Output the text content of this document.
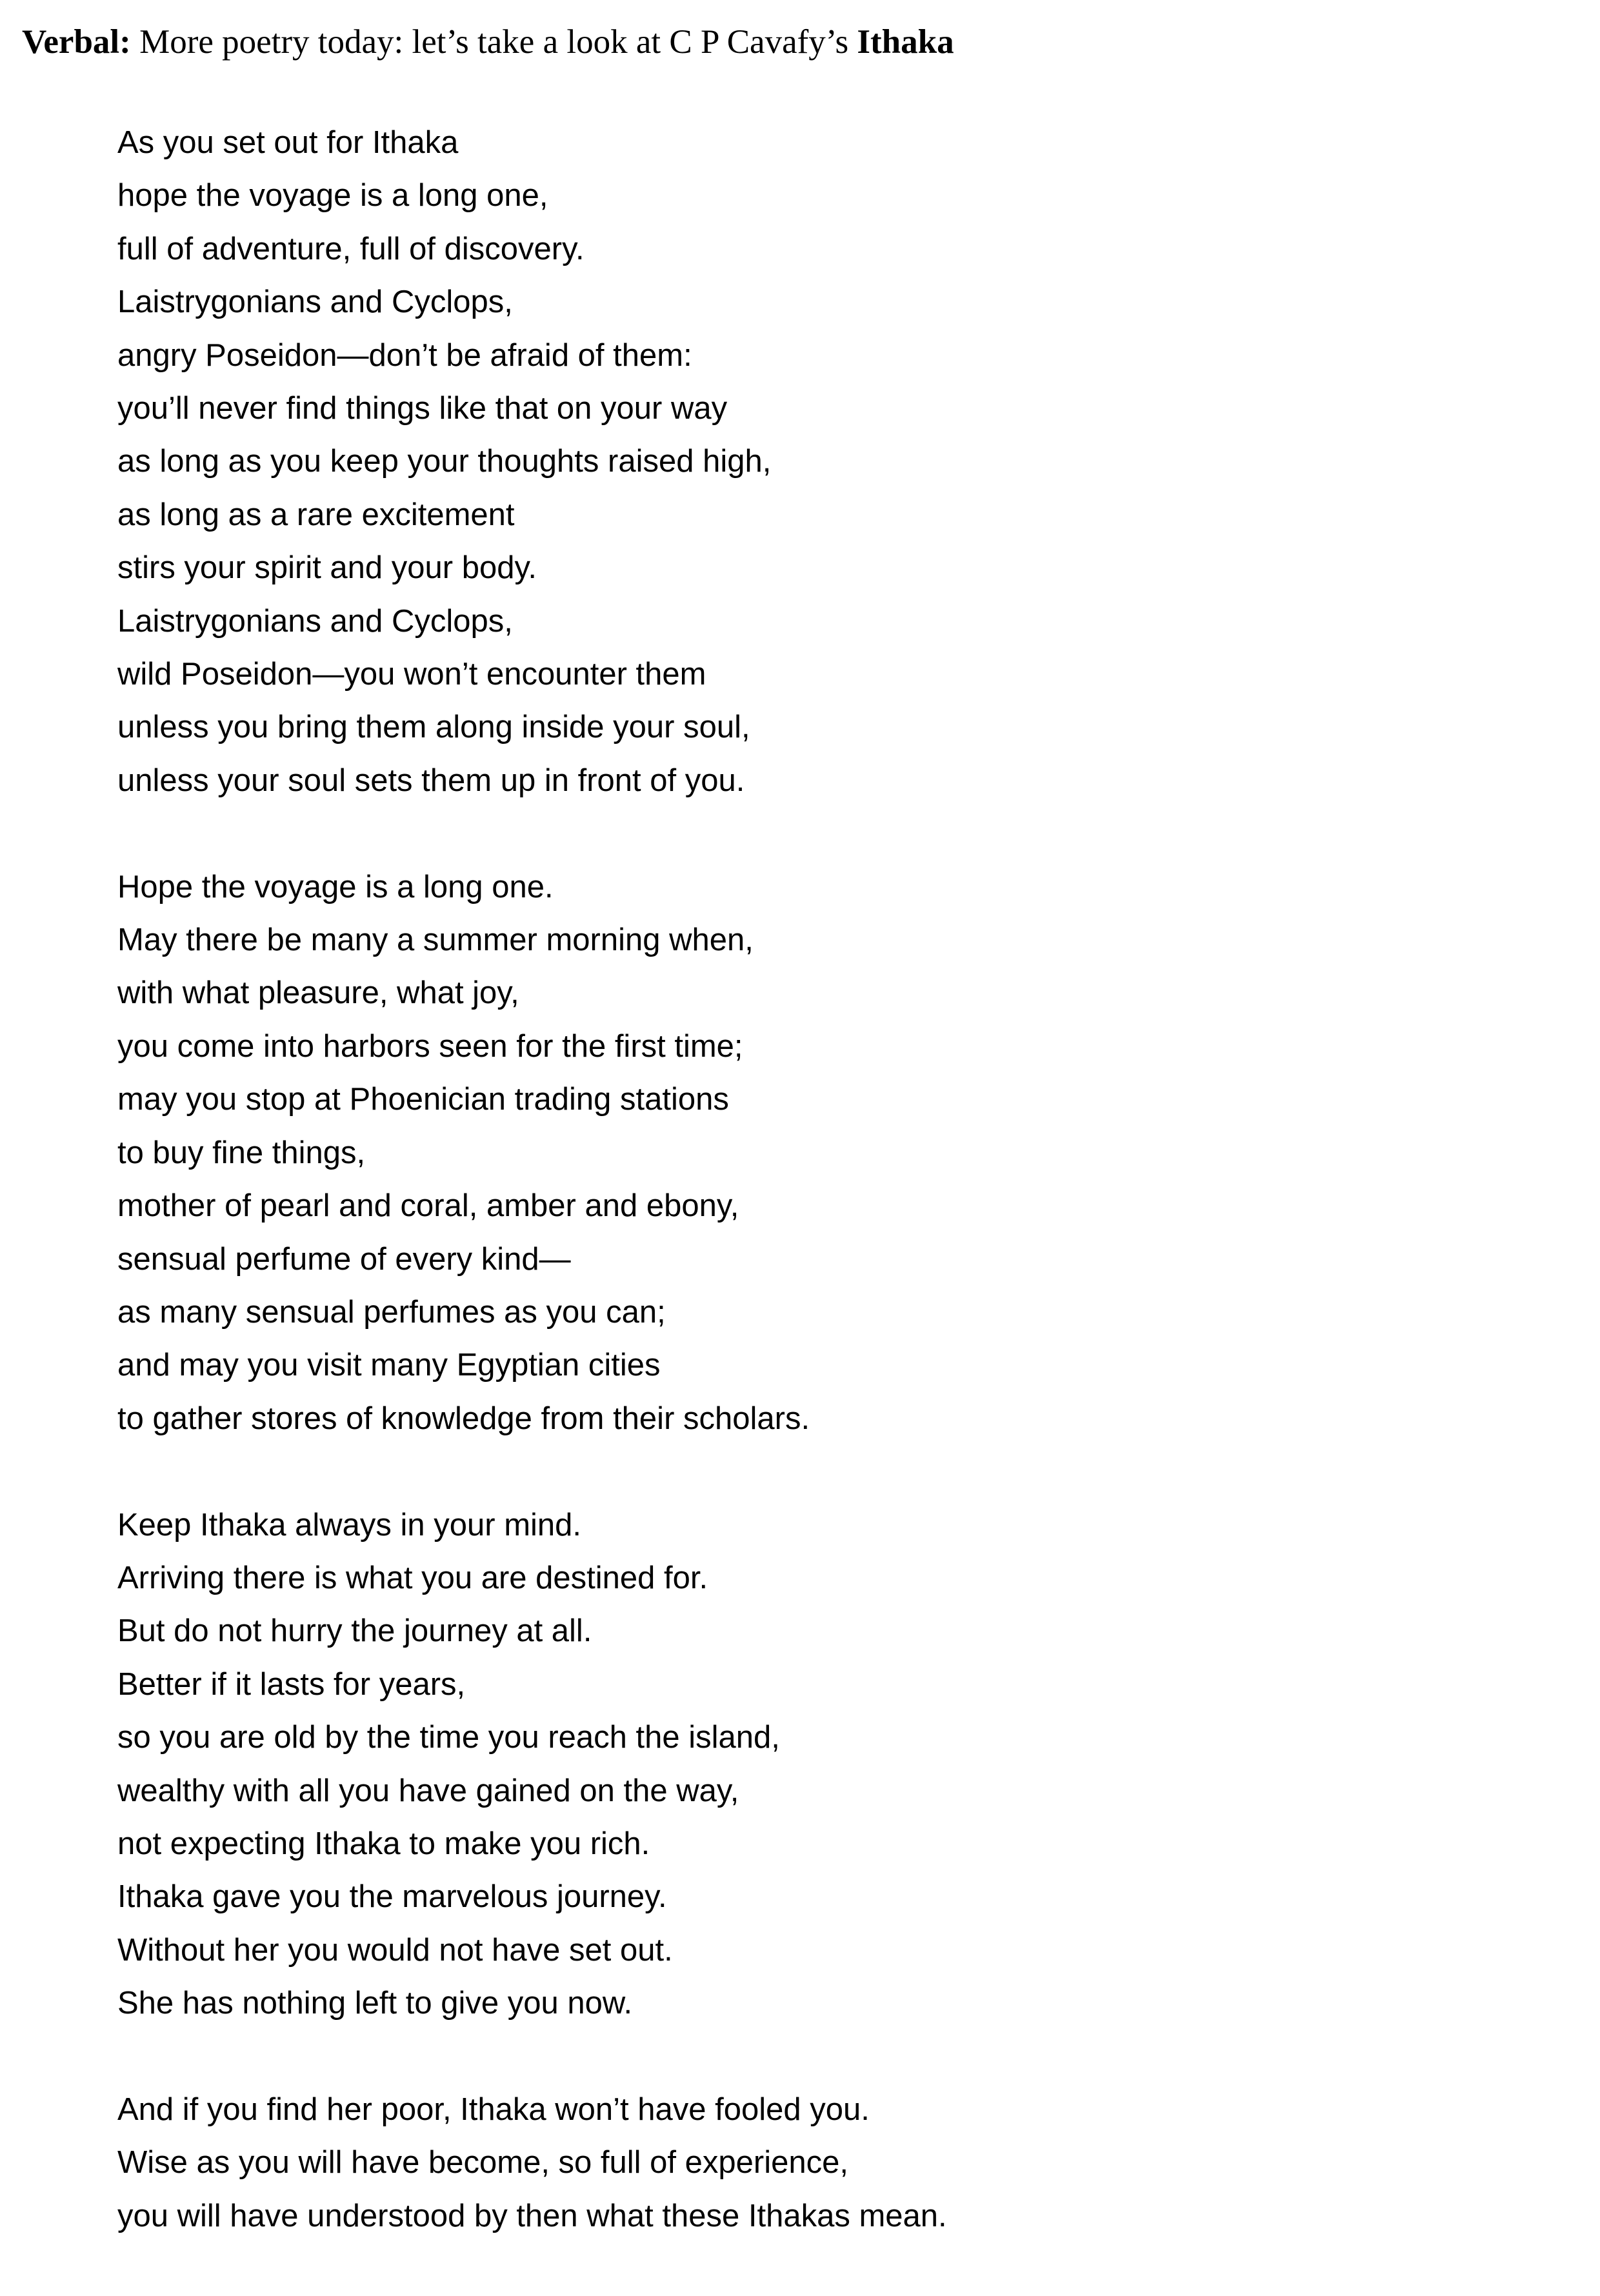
Verbal: More poetry today: let’s take a look at C P Cavafy’s Ithaka

As you set out for Ithaka
hope the voyage is a long one,
full of adventure, full of discovery.
Laistrygonians and Cyclops,
angry Poseidon—don’t be afraid of them:
you’ll never find things like that on your way
as long as you keep your thoughts raised high,
as long as a rare excitement
stirs your spirit and your body.
Laistrygonians and Cyclops,
wild Poseidon—you won’t encounter them
unless you bring them along inside your soul,
unless your soul sets them up in front of you.
Hope the voyage is a long one.
May there be many a summer morning when,
with what pleasure, what joy,
you come into harbors seen for the first time;
may you stop at Phoenician trading stations
to buy fine things,
mother of pearl and coral, amber and ebony,
sensual perfume of every kind—
as many sensual perfumes as you can;
and may you visit many Egyptian cities
to gather stores of knowledge from their scholars.
Keep Ithaka always in your mind.
Arriving there is what you are destined for.
But do not hurry the journey at all.
Better if it lasts for years,
so you are old by the time you reach the island,
wealthy with all you have gained on the way,
not expecting Ithaka to make you rich.
Ithaka gave you the marvelous journey.
Without her you would not have set out.
She has nothing left to give you now.
And if you find her poor, Ithaka won’t have fooled you.
Wise as you will have become, so full of experience,
you will have understood by then what these Ithakas mean.
